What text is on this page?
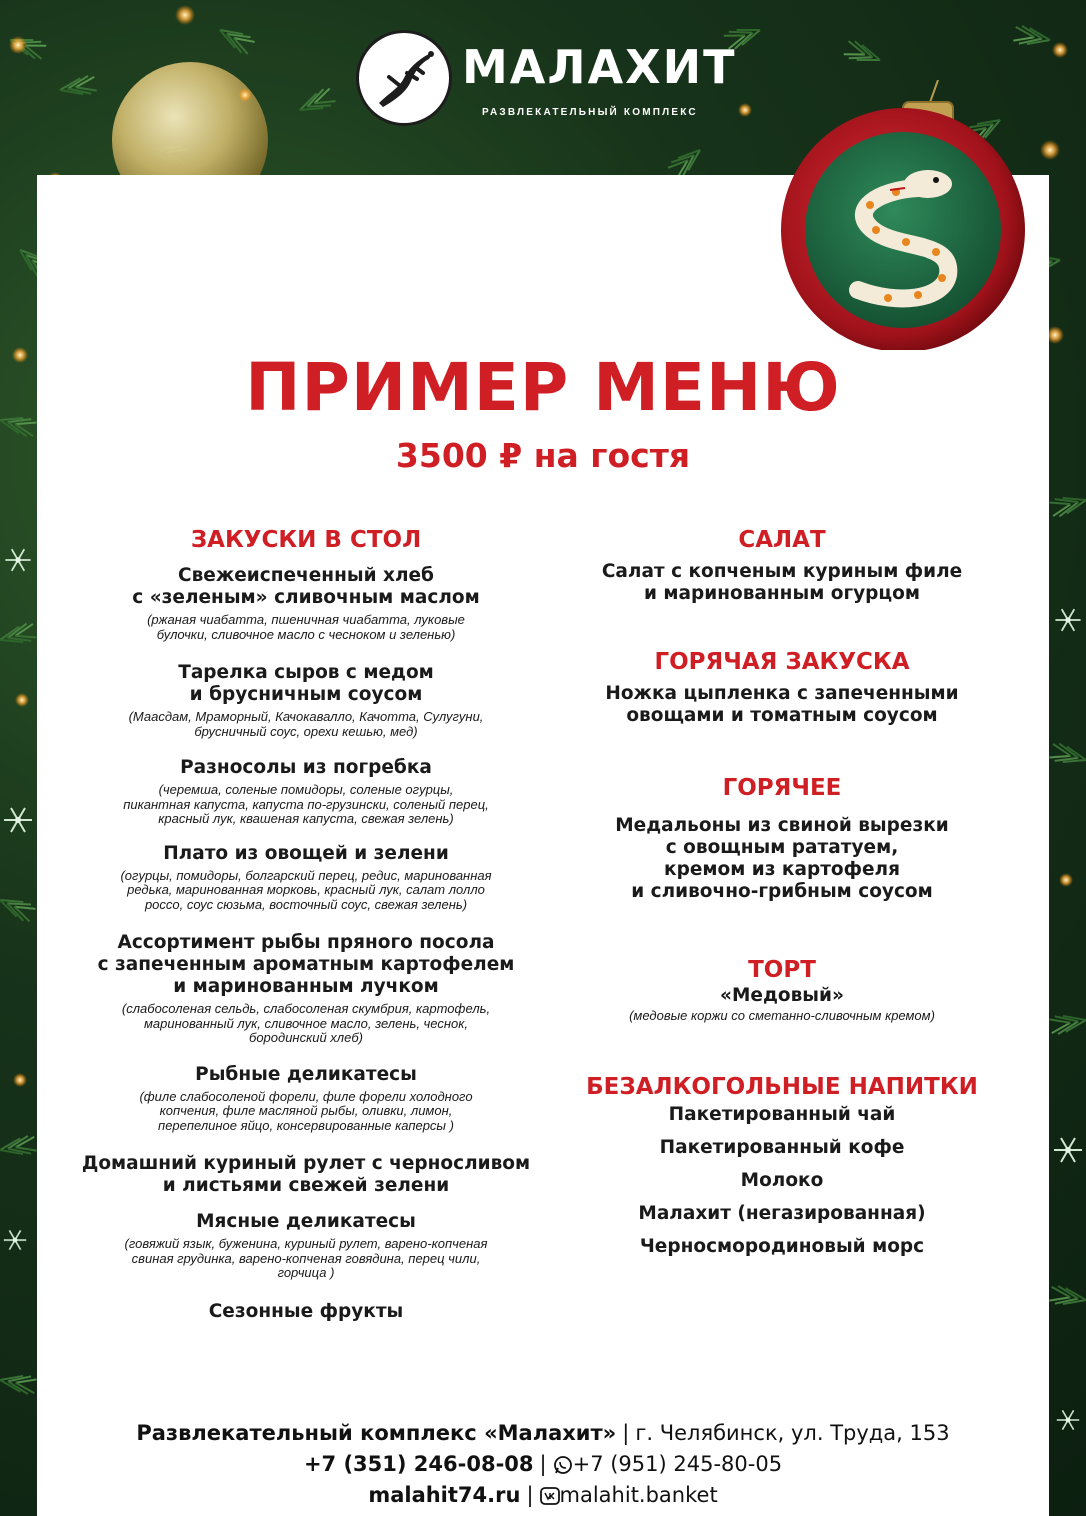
МАЛАХИТ
РАЗВЛЕКАТЕЛЬНЫЙ КОМПЛЕКС
ПРИМЕР МЕНЮ
3500 ₽ на гостя
ЗАКУСКИ В СТОЛ
Свежеиспеченный хлеб
с «зеленым» сливочным маслом
(ржаная чиабатта, пшеничная чиабатта, луковые
булочки, сливочное масло с чесноком и зеленью)
Тарелка сыров с медом
и брусничным соусом
(Маасдам, Мраморный, Качокавалло, Качотта, Сулугуни,
брусничный соус, орехи кешью, мед)
Разносолы из погребка
(черемша, соленые помидоры, соленые огурцы,
пикантная капуста, капуста по-грузински, соленый перец,
красный лук, квашеная капуста, свежая зелень)
Плато из овощей и зелени
(огурцы, помидоры, болгарский перец, редис, маринованная
редька, маринованная морковь, красный лук, салат лолло
россо, соус сюзьма, восточный соус, свежая зелень)
Ассортимент рыбы пряного посола
с запеченным ароматным картофелем
и маринованным лучком
(слабосоленая сельдь, слабосоленая скумбрия, картофель,
маринованный лук, сливочное масло, зелень, чеснок,
бородинский хлеб)
Рыбные деликатесы
(филе слабосоленой форели, филе форели холодного
копчения, филе масляной рыбы, оливки, лимон,
перепелиное яйцо, консервированные каперсы )
Домашний куриный рулет с черносливом
и листьями свежей зелени
Мясные деликатесы
(говяжий язык, буженина, куриный рулет, варено-копченая
свиная грудинка, варено-копченая говядина, перец чили,
горчица )
Сезонные фрукты
САЛАТ
Салат с копченым куриным филе
и маринованным огурцом
ГОРЯЧАЯ ЗАКУСКА
Ножка цыпленка с запеченными
овощами и томатным соусом
ГОРЯЧЕЕ
Медальоны из свиной вырезки
с овощным рататуем,
кремом из картофеля
и сливочно-грибным соусом
ТОРТ
«Медовый»
(медовые коржи со сметанно-сливочным кремом)
БЕЗАЛКОГОЛЬНЫЕ НАПИТКИ
Пакетированный чай
Пакетированный кофе
Молоко
Малахит (негазированная)
Черносмородиновый морс
Развлекательный комплекс «Малахит» | г. Челябинск, ул. Труда, 153
+7 (351) 246-08-08 | +7 (951) 245-80-05
malahit74.ru | malahit.banket
